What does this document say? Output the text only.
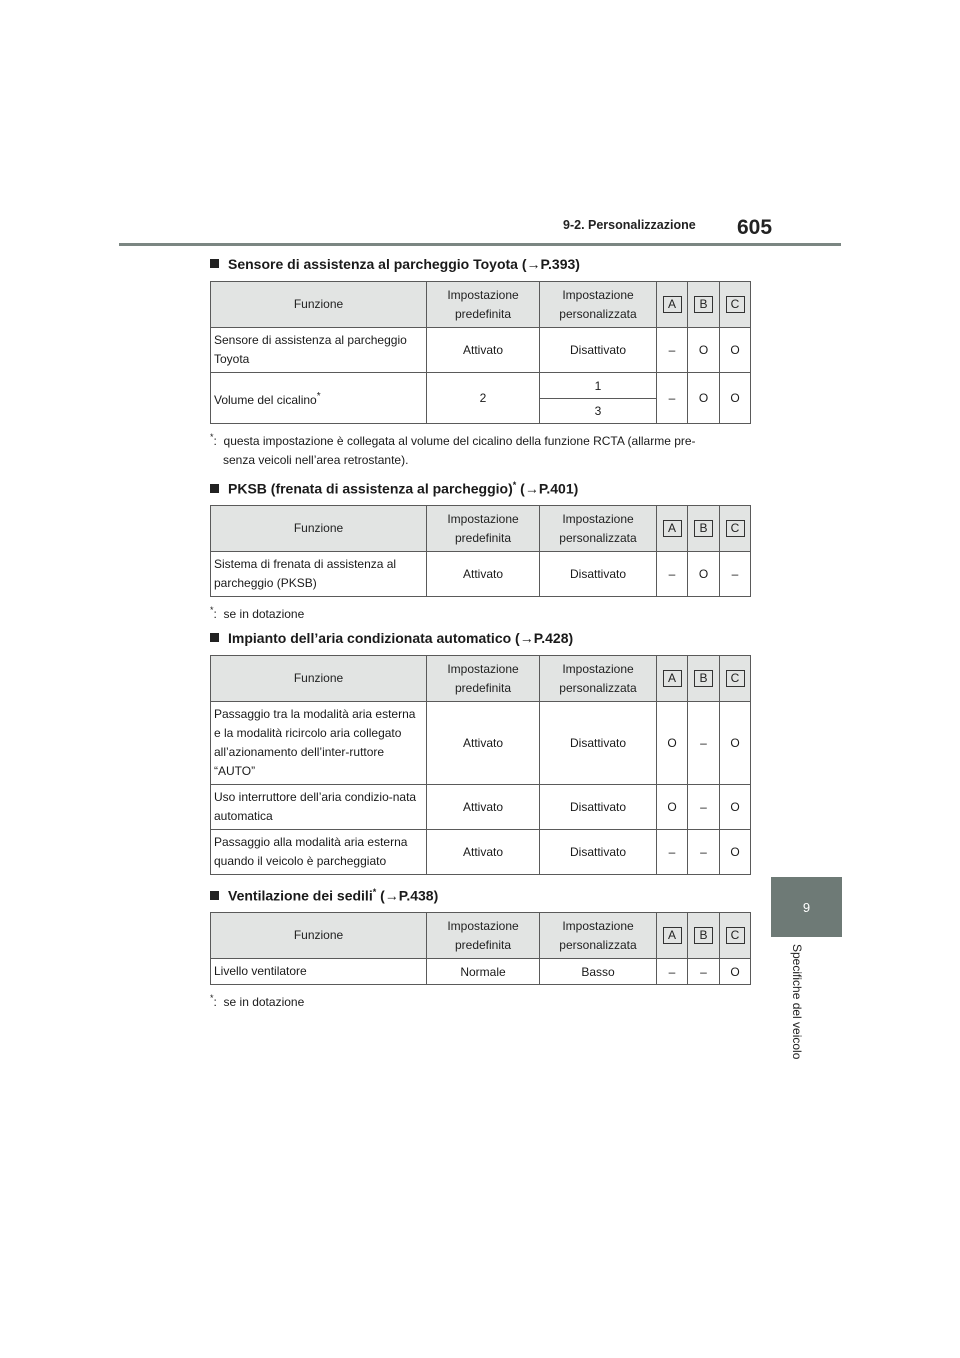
9-2. Personalizzazione 605
9
Specifiche del veicolo
Sensore di assistenza al parcheggio Toyota (→P.393)
Funzione	Impostazione predefinita	Impostazione personalizzata	A	B	C
Sensore di assistenza al parcheggio Toyota	Attivato	Disattivato	–	O	O
Volume del cicalino*	2	1	–	O	O
		3			
*: questa impostazione è collegata al volume del cicalino della funzione RCTA (allarme pre-
senza veicoli nell’area retrostante).
PKSB (frenata di assistenza al parcheggio)* (→P.401)
Funzione	Impostazione predefinita	Impostazione personalizzata	A	B	C
Sistema di frenata di assistenza al parcheggio (PKSB)	Attivato	Disattivato	–	O	–
*: se in dotazione
Impianto dell’aria condizionata automatico (→P.428)
Funzione	Impostazione predefinita	Impostazione personalizzata	A	B	C
Passaggio tra la modalità aria esterna e la modalità ricircolo aria collegato all’azionamento dell’inter-ruttore “AUTO”	Attivato	Disattivato	O	–	O
Uso interruttore dell’aria condizio-nata automatica	Attivato	Disattivato	O	–	O
Passaggio alla modalità aria esterna quando il veicolo è parcheggiato	Attivato	Disattivato	–	–	O
Ventilazione dei sedili* (→P.438)
Funzione	Impostazione predefinita	Impostazione personalizzata	A	B	C
Livello ventilatore	Normale	Basso	–	–	O
*: se in dotazione
